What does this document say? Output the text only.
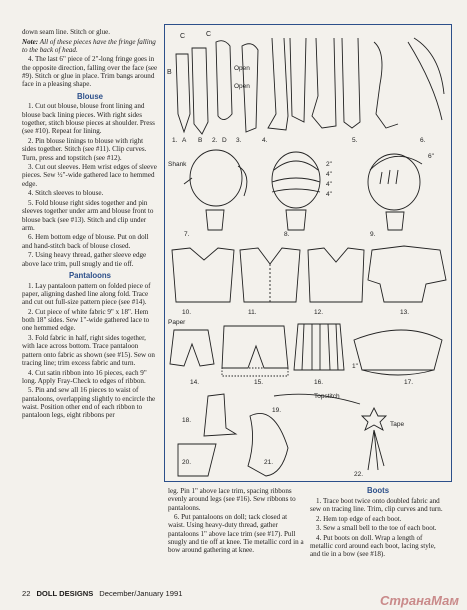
down seam line. Stitch or glue.

Note: All of these pieces have the fringe falling to the back of head.

4. The last 6" piece of 2"-long fringe goes in the opposite direction, falling over the face (see #9). Stitch or glue in place. Trim bangs around face in a pleasing shape.

Blouse

1. Cut out blouse, blouse front lining and blouse back lining pieces. With right sides together, stitch blouse pieces at shoulder. Press (see #10). Repeat for lining.

2. Pin blouse linings to blouse with right sides together. Stitch (see #11). Clip curves. Turn, press and topstitch (see #12).

3. Cut out sleeves. Hem wrist edges of sleeve pieces. Sew ½"-wide gathered lace to hemmed edge.

4. Stitch sleeves to blouse.

5. Fold blouse right sides together and pin sleeves together under arm and blouse front to blouse back (see #13). Stitch and clip under arm.

6. Hem bottom edge of blouse. Put on doll and hand-stitch back of blouse closed.

7. Using heavy thread, gather sleeve edge above lace trim, pull snugly and tie off.

Pantaloons

1. Lay pantaloon pattern on folded piece of paper, aligning dashed line along fold. Trace and cut out full-size pattern piece (see #14).

2. Cut piece of white fabric 9" x 18". Hem both 18" sides. Sew 1"-wide gathered lace to one hemmed edge.

3. Fold fabric in half, right sides together, with lace across bottom. Trace pantaloon pattern onto fabric as shown (see #15). Sew on tracing line; trim excess fabric and turn.

4. Cut satin ribbon into 16 pieces, each 9" long. Apply Fray-Check to edges of ribbon.

5. Pin and sew all 16 pieces to waist of pantaloons, overlapping slightly to encircle the waist. Position other end of each ribbon to pantaloon legs, eight ribbons per

C	C
B
1. A B 2. D 3.
Open
Open
4.	5.	6.
Shank
7.
2"
4"
4"
4"
8.
6"
9.
10.	11.	12.	13.
Paper
1"
14.	15.	16.	17.
18.
20.
Topstitch
19.
21.
Tape
22.

leg. Pin 1" above lace trim, spacing ribbons evenly around legs (see #16). Sew ribbons to pantaloons.

6. Put pantaloons on doll; tack closed at waist. Using heavy-duty thread, gather pantaloons 1" above lace trim (see #17). Pull snugly and tie off at knee. Tie metallic cord in a bow around gathering at knee.

Boots

1. Trace boot twice onto doubled fabric and sew on tracing line. Trim, clip curves and turn.

2. Hem top edge of each boot.

3. Sew a small bell to the toe of each boot.

4. Put boots on doll. Wrap a length of metallic cord around each boot, lacing style, and tie in a bow (see #18).

22 DOLL DESIGNS December/January 1991	СтранаМам
